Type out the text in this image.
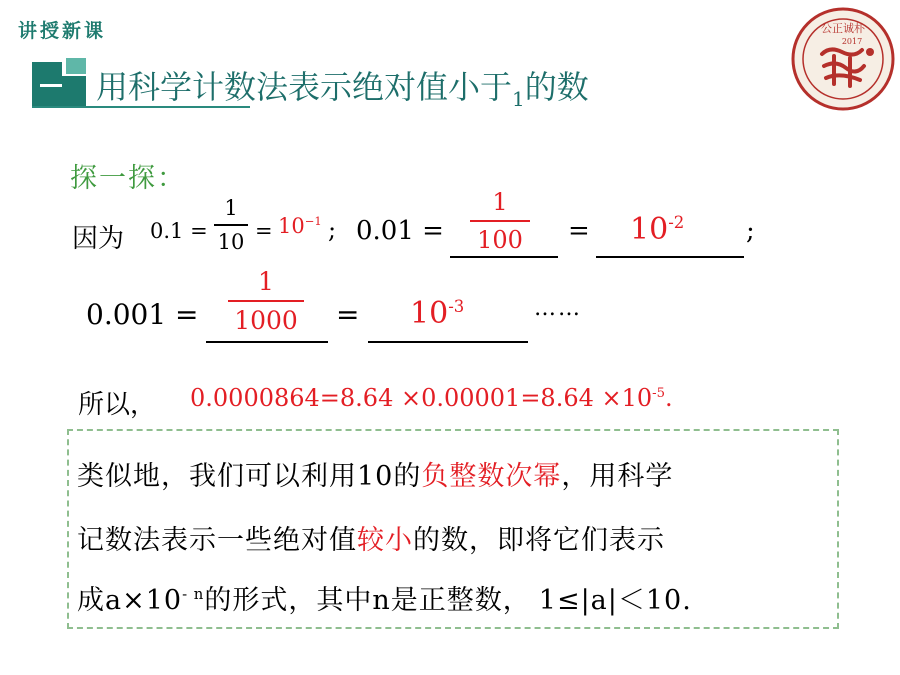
讲授新课
用科学计数法表示绝对值小于$_1$的数
公正诚朴
2017
探一探：
因为 0.1 =
1
$10 = 10^{-1}$ ; 0.01 =
1
$100 = 10^{-2}$ ;
0.001 =
1
$1000 = 10^{-3}$	……
所以， $0.0000864=8.64 \times 0.00001=8.64 \times 10^{-5}$.
类似地，我们可以利用10的负整数次幂，用科学
记数法表示一些绝对值较小的数，即将它们表示
成$a\times 10^{- n}$的形式，其中n是正整数， 1≤|a|＜10.
